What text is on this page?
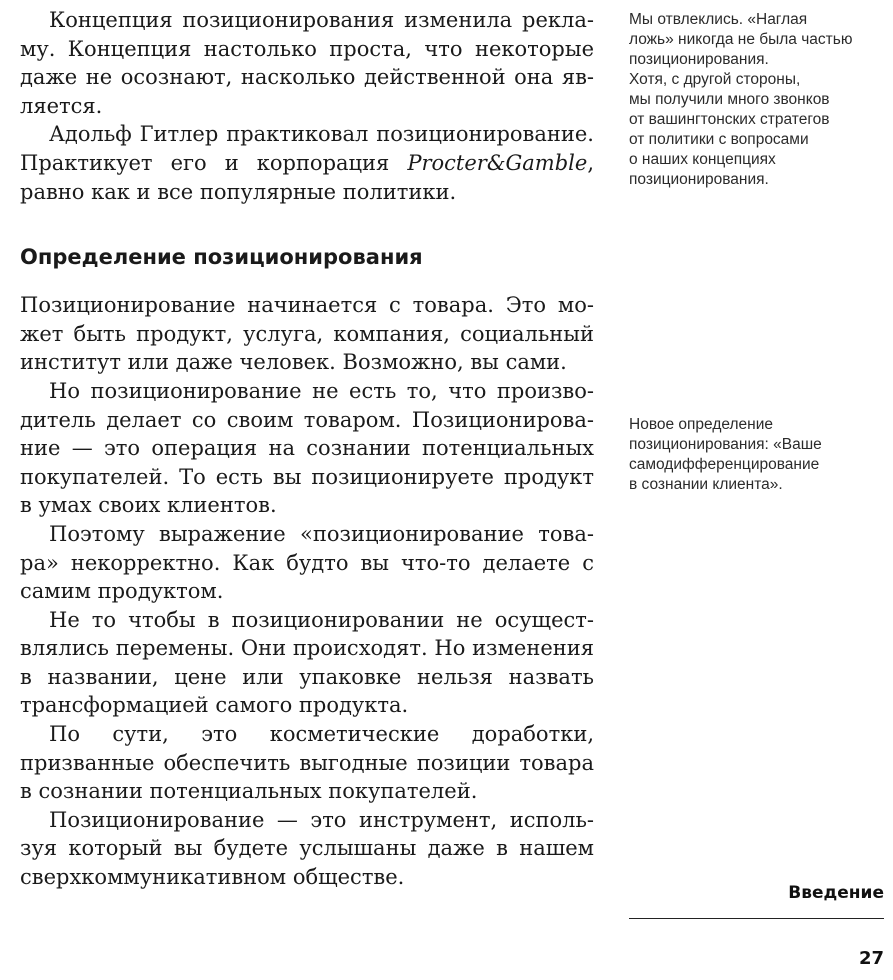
Концепция позиционирования изменила рекламу. Концепция настолько проста, что некоторые даже не осознают, насколько действенной она является.

Адольф Гитлер практиковал позиционирование. Практикует его и корпорация Procter&Gamble, равно как и все популярные политики.

Определение позиционирования

Позиционирование начинается с товара. Это может быть продукт, услуга, компания, социальный институт или даже человек. Возможно, вы сами.

Но позиционирование не есть то, что производитель делает со своим товаром. Позиционирование — это операция на сознании потенциальных покупателей. То есть вы позиционируете продукт в умах своих клиентов.

Поэтому выражение «позиционирование товара» некорректно. Как будто вы что-то делаете с самим продуктом.

Не то чтобы в позиционировании не осуществлялись перемены. Они происходят. Но изменения в названии, цене или упаковке нельзя назвать трансформацией самого продукта.

По сути, это косметические доработки, призванные обеспечить выгодные позиции товара в сознании потенциальных покупателей.

Позиционирование — это инструмент, используя который вы будете услышаны даже в нашем сверхкоммуникативном обществе.

Мы отвлеклись. «Наглая
ложь» никогда не была частью
позиционирования.
Хотя, с другой стороны,
мы получили много звонков
от вашингтонских стратегов
от политики с вопросами
о наших концепциях
позиционирования.

Новое определение
позиционирования: «Ваше
самодифференцирование
в сознании клиента».

Введение
27
